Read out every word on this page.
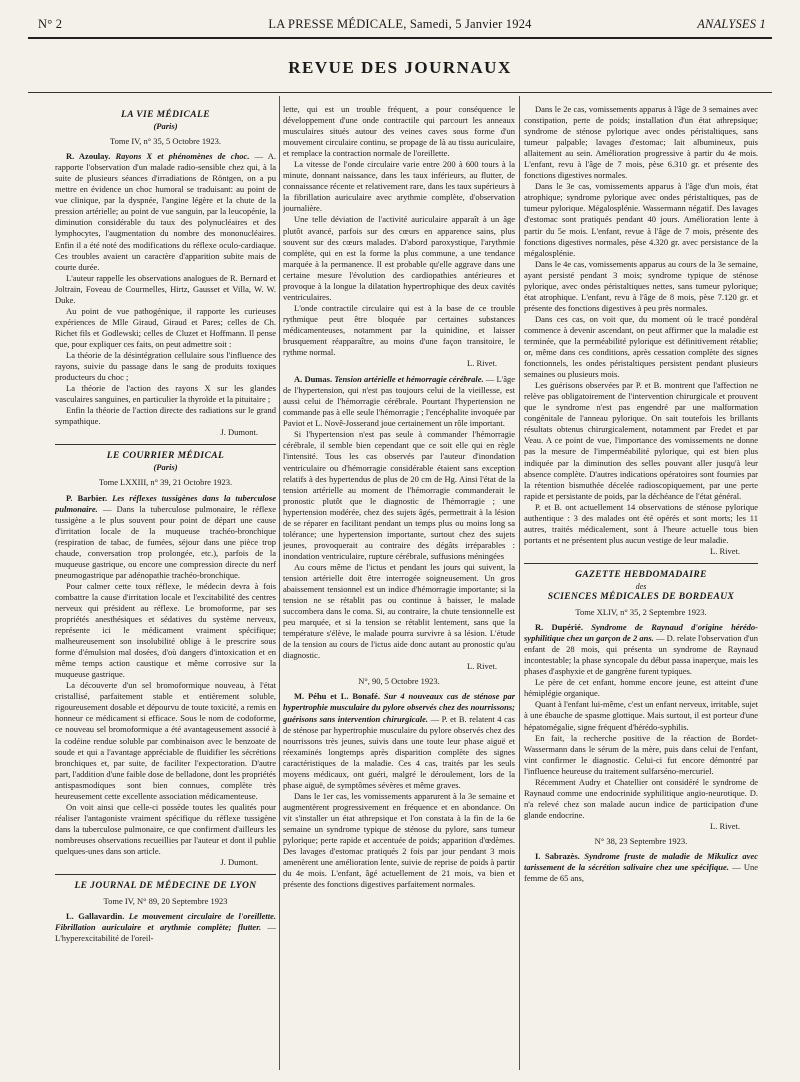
N° 2	LA PRESSE MÉDICALE, Samedi, 5 Janvier 1924	ANALYSES 1
REVUE DES JOURNAUX

LA VIE MÉDICALE

(Paris)

Tome IV, n° 35, 5 Octobre 1923.

R. Azoulay. Rayons X et phénomènes de choc. — A. rapporte l'observation d'un malade radio-sensible chez qui, à la suite de plusieurs séances d'irradiations de Röntgen, on a pu mettre en évidence un choc humoral se traduisant: au point de vue clinique, par la dyspnée, l'angine légère et la chute de la pression artérielle; au point de vue sanguin, par la leucopénie, la diminution considérable du taux des polynucléaires et des lymphocytes, l'augmentation du nombre des mononucléaires. Enfin il a été noté des modifications du réflexe oculo-cardiaque. Ces troubles avaient un caractère d'apparition subite mais de courte durée.

L'auteur rappelle les observations analogues de R. Bernard et Joltrain, Foveau de Courmelles, Hirtz, Gausset et Villa, W. W. Duke.

Au point de vue pathogénique, il rapporte les curieuses expériences de Mlle Giraud, Giraud et Pares; celles de Ch. Richet fils et Godlewski; celles de Cluzet et Hoffmann. Il pense que, pour expliquer ces faits, on peut admettre soit :

La théorie de la désintégration cellulaire sous l'influence des rayons, suivie du passage dans le sang de produits toxiques producteurs du choc ;

La théorie de l'action des rayons X sur les glandes vasculaires sanguines, en particulier la thyroïde et la pituitaire ;

Enfin la théorie de l'action directe des radiations sur le grand sympathique.

J. Dumont.

LE COURRIER MÉDICAL

(Paris)

Tome LXXIII, n° 39, 21 Octobre 1923.

P. Barbier. Les réflexes tussigènes dans la tuberculose pulmonaire. — Dans la tuberculose pulmonaire, le réflexe tussigène a le plus souvent pour point de départ une cause d'irritation locale de la muqueuse trachéo-bronchique (respiration de tabac, de fumées, séjour dans une pièce trop chaude, conversation trop prolongée, etc.), parfois de la muqueuse gastrique, ou encore une compression directe du nerf pneumogastrique par adénopathie trachéo-bronchique.

Pour calmer cette toux réflexe, le médecin devra à fois combattre la cause d'irritation locale et l'excitabilité des centres nerveux qui président au réflexe. Le bromoforme, par ses propriétés anesthésiques et sédatives du système nerveux, représente ici le médicament vraiment spécifique; malheureusement son insolubilité oblige à le prescrire sous forme d'émulsion mal dosées, d'où dangers d'intoxication et en même temps action caustique et même corrosive sur la muqueuse gastrique.

La découverte d'un sel bromoformique nouveau, à l'état cristallisé, parfaitement stable et entièrement soluble, rigoureusement dosable et dépourvu de toute toxicité, a remis en honneur ce médicament si efficace. Sous le nom de codoforme, ce nouveau sel bromoformique a été avantageusement associé à la codéine rendue soluble par combinaison avec le benzoate de soude et qui a l'avantage appréciable de fluidifier les sécrétions bronchiques et, par suite, de faciliter l'expectoration. D'autre part, l'addition d'une faible dose de belladone, dont les propriétés antispasmodiques sont bien connues, complète très heureusement cette excellente association médicamenteuse.

On voit ainsi que celle-ci possède toutes les qualités pour réaliser l'antagoniste vraiment spécifique du réflexe tussigène dans la tuberculose pulmonaire, ce que confirment d'ailleurs les nombreuses observations recueillies par l'auteur et dont il publie quelques-unes dans son article.

J. Dumont.

LE JOURNAL DE MÉDECINE DE LYON

Tome IV, N° 89, 20 Septembre 1923

L. Gallavardin. Le mouvement circulaire de l'oreillette. Fibrillation auriculaire et arythmie complète; flutter. — L'hyperexcitabilité de l'oreil-

lette, qui est un trouble fréquent, a pour conséquence le développement d'une onde contractile qui parcourt les anneaux musculaires situés autour des veines caves sous forme d'un mouvement circulaire continu, se propage de là au tissu auriculaire, et remplace la contraction normale de l'oreillette.

La vitesse de l'onde circulaire varie entre 200 à 600 tours à la minute, donnant naissance, dans les taux inférieurs, au flutter, de connaissance récente et relativement rare, dans les taux supérieurs à la fibrillation auriculaire avec arythmie complète, d'observation journalière.

Une telle déviation de l'activité auriculaire apparaît à un âge plutôt avancé, parfois sur des cœurs en apparence sains, plus souvent sur des cœurs malades. D'abord paroxystique, l'arythmie complète, qui en est la forme la plus commune, a une tendance marquée à la permanence. Il est probable qu'elle aggrave dans une certaine mesure l'évolution des cardiopathies antérieures et provoque à la longue la dilatation hypertrophique des deux cavités ventriculaires.

L'onde contractile circulaire qui est à la base de ce trouble rythmique peut être bloquée par certaines substances médicamenteuses, notamment par la quinidine, et laisser brusquement réapparaître, au moins d'une façon transitoire, le rythme normal.

L. Rivet.

A. Dumas. Tension artérielle et hémorragie cérébrale. — L'âge de l'hypertension, qui n'est pas toujours celui de la vieillesse, est aussi celui de l'hémorragie cérébrale. Pourtant l'hypertension ne commande pas à elle seule l'hémorragie ; l'encéphalite invoquée par Paviot et L. Novê-Josserand joue certainement un rôle important.

Si l'hypertension n'est pas seule à commander l'hémorragie cérébrale, il semble bien cependant que ce soit elle qui en règle l'intensité. Tous les cas observés par l'auteur d'inondation ventriculaire ou d'hémorragie considérable étaient sans exception relatifs à des hypertendus de plus de 20 cm de Hg. Ainsi l'état de la tension artérielle au moment de l'hémorragie commanderait le pronostic plutôt que le diagnostic de l'hémorragie ; une hypertension modérée, chez des sujets âgés, permettrait à la lésion de se réparer en facilitant pendant un temps plus ou moins long sa tolérance; une hypertension importante, surtout chez des sujets jeunes, provoquerait au contraire des dégâts irréparables : inondation ventriculaire, rupture cérébrale, suffusions méningées

Au cours même de l'ictus et pendant les jours qui suivent, la tension artérielle doit être interrogée soigneusement. Un gros abaissement tensionnel est un indice d'hémorragie importante; si la tension ne se rétablit pas ou continue à baisser, le malade succombera dans le coma. Si, au contraire, la chute tensionnelle est peu marquée, et si la tension se rétablit lentement, sans que la température s'élève, le malade pourra survivre à sa lésion. L'étude de la tension au cours de l'ictus aide donc autant au pronostic qu'au diagnostic.

L. Rivet.

N°, 90, 5 Octobre 1923.

M. Péhu et L. Bonafé. Sur 4 nouveaux cas de sténose par hypertrophie musculaire du pylore observés chez des nourrissons; guérisons sans intervention chirurgicale. — P. et B. relatent 4 cas de sténose par hypertrophie musculaire du pylore observés chez des nourrissons très jeunes, suivis dans une toute leur phase aiguë et réexaminés longtemps après disparition complète des signes caractéristiques de la maladie. Ces 4 cas, traités par les seuls moyens médicaux, ont guéri, malgré le déroulement, lors de la phase aiguë, de symptômes sévères et même graves.

Dans le 1er cas, les vomissements apparurent à la 3e semaine et augmentèrent progressivement en fréquence et en abondance. On vit s'installer un état athrepsique et l'on constata à la fin de la 6e semaine un syndrome typique de sténose du pylore, sans tumeur pylorique; perte rapide et accentuée de poids; apparition d'œdèmes. Des lavages d'estomac pratiqués 2 fois par jour pendant 3 mois amenèrent une amélioration lente, suivie de reprise de poids à partir du 4e mois. L'enfant, âgé actuellement de 21 mois, va bien et présente des fonctions digestives parfaitement normales.

Dans le 2e cas, vomissements apparus à l'âge de 3 semaines avec constipation, perte de poids; installation d'un état athrepsique; syndrome de sténose pylorique avec ondes péristaltiques, sans tumeur palpable; lavages d'estomac; lait albumineux, puis allaitement au sein. Amélioration progressive à partir du 4e mois. L'enfant, revu à l'âge de 7 mois, pèse 6.310 gr. et présente des fonctions digestives normales.

Dans le 3e cas, vomissements apparus à l'âge d'un mois, état atrophique; syndrome pylorique avec ondes péristaltiques, pas de tumeur pylorique. Mégalosplénie. Wassermann négatif. Des lavages d'estomac sont pratiqués pendant 40 jours. Amélioration lente à partir du 5e mois. L'enfant, revue à l'âge de 7 mois, présente des fonctions digestives normales, pèse 4.320 gr. avec persistance de la mégalosplénie.

Dans le 4e cas, vomissements apparus au cours de la 3e semaine, ayant persisté pendant 3 mois; syndrome typique de sténose pylorique, avec ondes péristaltiques nettes, sans tumeur pylorique; état atrophique. L'enfant, revu à l'âge de 8 mois, pèse 7.120 gr. et présente des fonctions digestives à peu près normales.

Dans ces cas, on voit que, du moment où le tracé pondéral commence à devenir ascendant, on peut affirmer que la maladie est terminée, que la perméabilité pylorique est définitivement rétablie; or, même dans ces conditions, après cessation complète des signes fonctionnels, les ondes péristaltiques persistent pendant plusieurs semaines ou plusieurs mois.

Les guérisons observées par P. et B. montrent que l'affection ne relève pas obligatoirement de l'intervention chirurgicale et prouvent que le syndrome n'est pas engendré par une malformation congénitale de l'anneau pylorique. On sait toutefois les brillants résultats obtenus chirurgicalement, notamment par Fredet et par Veau. A ce point de vue, l'importance des vomissements ne donne pas la mesure de l'imperméabilité pylorique, qui est bien plus indiquée par la diminution des selles pouvant aller jusqu'à leur absence complète. D'autres indications opératoires sont fournies par la rétention bismuthée décelée radioscopiquement, par une perte rapide et persistante de poids, par la déchéance de l'état général.

P. et B. ont actuellement 14 observations de sténose pylorique authentique : 3 des malades ont été opérés et sont morts; les 11 autres, traités médicalement, sont à l'heure actuelle tous bien portants et ne présentent plus aucun vestige de leur maladie.

L. Rivet.

GAZETTE HEBDOMADAIRE

des

SCIENCES MÉDICALES DE BORDEAUX

Tome XLIV, n° 35, 2 Septembre 1923.

R. Dupérié. Syndrome de Raynaud d'origine hérédo-syphilitique chez un garçon de 2 ans. — D. relate l'observation d'un enfant de 28 mois, qui présenta un syndrome de Raynaud incontestable; la phase syncopale du début passa inaperçue, mais les phases d'asphyxie et de gangrène furent typiques.

Le père de cet enfant, homme encore jeune, est atteint d'une hémiplégie organique.

Quant à l'enfant lui-même, c'est un enfant nerveux, irritable, sujet à une ébauche de spasme glottique. Mais surtout, il est porteur d'une hépatomégalie, signe fréquent d'hérédo-syphilis.

En fait, la recherche positive de la réaction de Bordet-Wassermann dans le sérum de la mère, puis dans celui de l'enfant, vint confirmer le diagnostic. Celui-ci fut encore démontré par l'influence heureuse du traitement sulfarséno-mercuriel.

Récemment Audry et Chatellier ont considéré le syndrome de Raynaud comme une endocrinide syphilitique angio-neurotique. D. n'a relevé chez son malade aucun indice de participation d'une glande endocrine.

L. Rivet.

N° 38, 23 Septembre 1923.

I. Sabrazès. Syndrome fruste de maladie de Mikulicz avec tarissement de la sécrétion salivaire chez une spécifique. — Une femme de 65 ans,
